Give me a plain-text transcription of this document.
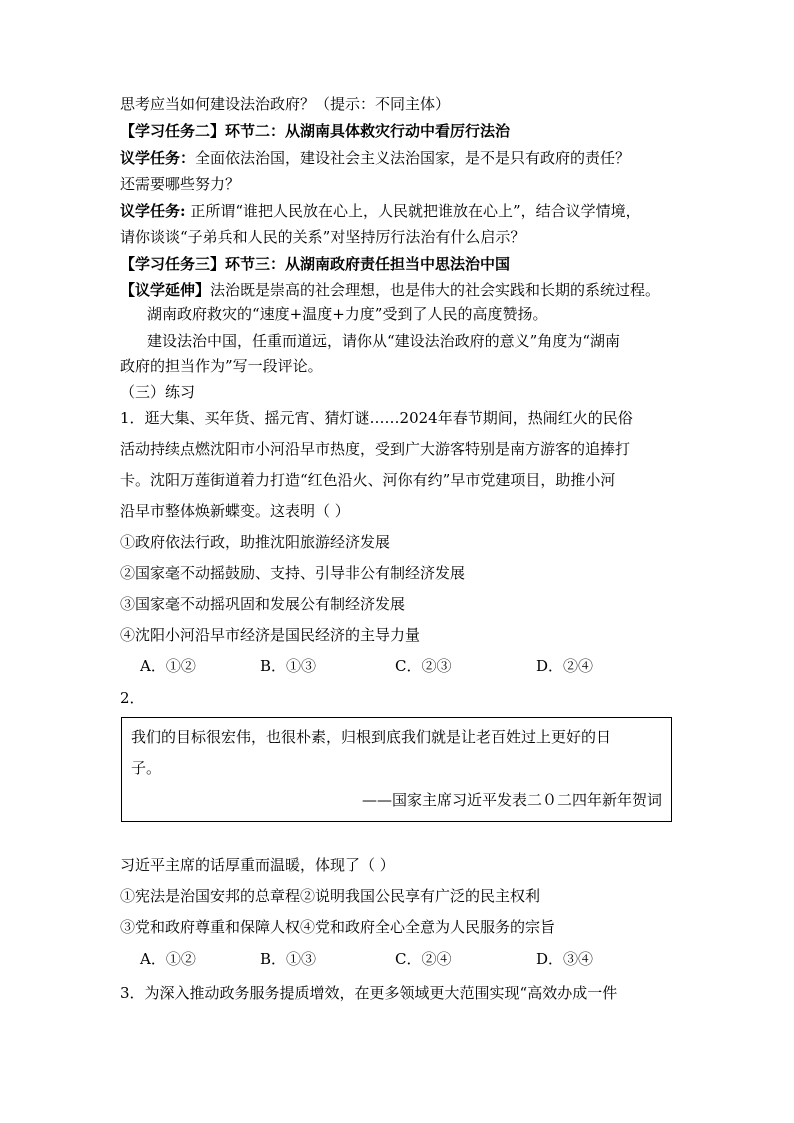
思考应当如何建设法治政府？（提示：不同主体）
【学习任务二】环节二：从湖南具体救灾行动中看厉行法治
议学任务：全面依法治国，建设社会主义法治国家，是不是只有政府的责任？
还需要哪些努力？
议学任务: 正所谓“谁把人民放在心上，人民就把谁放在心上”，结合议学情境，
请你谈谈“子弟兵和人民的关系”对坚持厉行法治有什么启示？
【学习任务三】环节三：从湖南政府责任担当中思法治中国
【议学延伸】法治既是崇高的社会理想，也是伟大的社会实践和长期的系统过程。
湖南政府救灾的“速度+温度+力度”受到了人民的高度赞扬。
建设法治中国，任重而道远，请你从“建设法治政府的意义”角度为“湖南
政府的担当作为”写一段评论。
（三）练习
1．逛大集、买年货、摇元宵、猜灯谜……2024年春节期间，热闹红火的民俗
活动持续点燃沈阳市小河沿早市热度，受到广大游客特别是南方游客的追捧打
卡。沈阳万莲街道着力打造“红色沿火、河你有约”早市党建项目，助推小河
沿早市整体焕新蝶变。这表明（ ）
①政府依法行政，助推沈阳旅游经济发展
②国家毫不动摇鼓励、支持、引导非公有制经济发展
③国家毫不动摇巩固和发展公有制经济发展
④沈阳小河沿早市经济是国民经济的主导力量
A．①②	B．①③	C．②③	D．②④
2．
我们的目标很宏伟，也很朴素，归根到底我们就是让老百姓过上更好的日
子。
——国家主席习近平发表二０二四年新年贺词
习近平主席的话厚重而温暖，体现了（ ）
①宪法是治国安邦的总章程②说明我国公民享有广泛的民主权利
③党和政府尊重和保障人权④党和政府全心全意为人民服务的宗旨
A．①②	B．①③	C．②④	D．③④
3．为深入推动政务服务提质增效，在更多领域更大范围实现“高效办成一件
